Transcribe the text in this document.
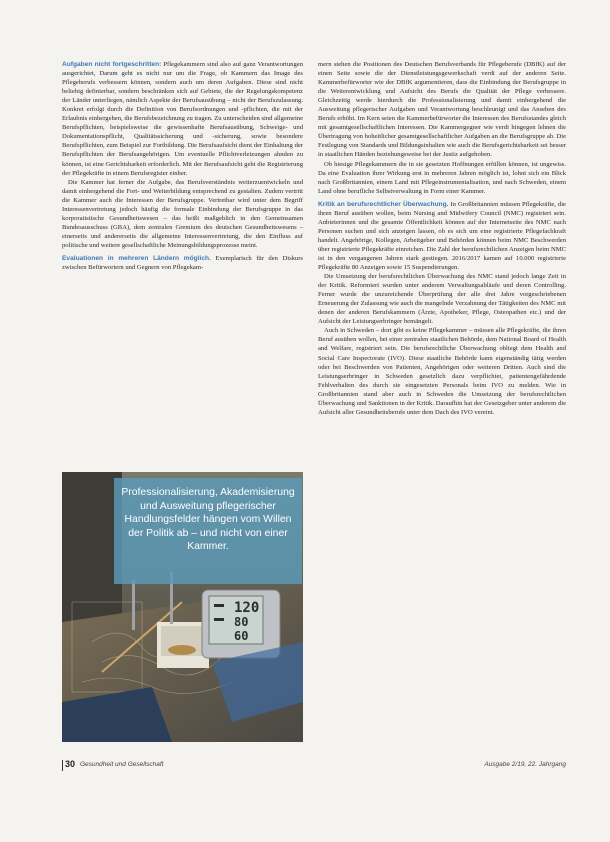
Aufgaben nicht fortgeschritten: Pflegekammern sind also auf ganz Verantwortungen ausgerichtet, Darum geht es nicht nur um die Frage, ob Kammern das Image des Pflegeberufs verbessern können, sondern auch um deren Aufgaben. Diese sind nicht beliebig definierbar, sondern beschränken sich auf Gebiete, die der Regelungskompetenz der Länder unterliegen, nämlich Aspekte der Berufsausübung – nicht der Berufszulassung. Konkret erfolgt durch die Definition von Berufsordnungen und -pflichten, die mit der Erlaubnis einhergehen, die Berufsbezeichnung zu tragen. Zu unterscheiden sind allgemeine Berufspflichten, beispielsweise die gewissenhafte Berufsausübung, Schweige- und Dokumentationspflicht, Qualitätssicherung und -sicherung, sowie besondere Berufspflichten, zum Beispiel zur Fortbildung. Die Berufsaufsicht dient der Einhaltung der Berufspflichten der Berufsangehörigen. Um eventuelle Pflichtverletzungen ahnden zu können, ist eine Gerichtsbarkeit erforderlich. Mit der Berufsaufsicht geht die Registrierung der Pflegekräfte in einem Berufsregister einher.

Die Kammer hat ferner die Aufgabe, das Berufsverständnis weiterzuentwickeln und damit einhergehend die Fort- und Weiterbildung entsprechend zu gestalten. Zudem vertritt die Kammer auch die Interessen der Berufsgruppe. Vertretbar wird unter dem Begriff Interessenvertretung jedoch häufig die formale Einbindung der Berufsgruppe in das korporatistische Gesundheitswesen – das heißt maßgeblich in den Gemeinsamen Bundesausschuss (GBA), dem zentralen Gremium des deutschen Gesundheitswesens – einerseits und andererseits die allgemeine Interessenvertretung, die den Einfluss auf politische und weitere gesellschaftliche Meinungsbildungsprozesse meint.

Evaluationen in mehreren Ländern möglich. Exemplarisch für den Diskurs zwischen Befürwortern und Gegnern von Pflegekam-

120
80
60
Professionalisierung, Akademisierung und Ausweitung pflegerischer Handlungsfelder hängen vom Willen der Politik ab – und nicht von einer Kammer.

mern stehen die Positionen des Deutschen Berufsverbands für Pflegeberufe (DBfK) auf der einen Seite sowie die der Dienstleistungsgewerkschaft verdi auf der anderen Seite. Kammerbefürworter wie der DBfK argumentieren, dass die Einbindung der Berufsgruppe in die Weiterentwicklung und Aufsicht des Berufs die Qualität der Pflege verbessere. Gleichzeitig werde hierdurch die Professionalisierung und damit einhergehend die Ausweitung pflegerischer Aufgaben und Verantwortung beschleunigt und das Ansehen des Berufs erhöht. Im Kern seien die Kammerbefürworter die Interessen des Berufsstandes gleich mit gesamtgesellschaftlichen Interessen. Die Kammergegner wie verdi hingegen lehnen die Übertragung von hoheitlicher gesamtgesellschaftlicher Aufgaben an die Berufsgruppe ab. Die Festlegung von Standards und Bildungsinhalten wie auch die Berufsgerichtsbarkeit sei besser in staatlichen Händen beziehungsweise bei der Justiz aufgehoben.

Ob hiesige Pflegekammern die in sie gesetzten Hoffnungen erfüllen können, ist ungewiss. Da eine Evaluation ihrer Wirkung erst in mehreren Jahren möglich ist, lohnt sich ein Blick nach Großbritannien, einem Land mit Pflegeinstrumentalisation, und nach Schweden, einem Land ohne berufliche Selbstverwaltung in Form einer Kammer.

Kritik an berufsrechtlicher Überwachung. In Großbritannien müssen Pflegekräfte, die ihren Beruf ausüben wollen, beim Nursing and Midwifery Council (NMC) registriert sein. Anbieterinnen und die gesamte Öffentlichkeit können auf der Internetseite des NMC nach Personen suchen und sich anzeigen lassen, ob es sich um eine registrierte Pflegefachkraft handelt. Angehörige, Kollegen, Arbeitgeber und Behörden können beim NMC Beschwerden über registrierte Pflegekräfte einreichen. Die Zahl der berufsrechtlichen Anzeigen beim NMC ist in den vergangenen Jahren stark gestiegen. 2016/2017 kamen auf 10.000 registrierte Pflegekräfte 80 Anzeigen sowie 15 Suspendierungen.

Die Umsetzung der berufsrechtlichen Überwachung des NMC stand jedoch lange Zeit in der Kritik. Reformiert wurden unter anderem Verwaltungsabläufe und deren Controlling. Ferner wurde die unzureichende Überprüfung der alle drei Jahre vorgeschriebenen Erneuerung der Zulassung wie auch die mangelnde Verzahnung der Tätigkeiten des NMC mit denen der anderen Berufskammern (Ärzte, Apotheker, Pflege, Osteopathen etc.) und der Aufsicht der Leistungserbringer bemängelt.

Auch in Schweden – dort gibt es keine Pflegekammer – müssen alle Pflegekräfte, die ihren Beruf ausüben wollen, bei einer zentralen staatlichen Behörde, dem National Board of Health and Welfare, registriert sein. Die berufsrechtliche Überwachung obliegt dem Health and Social Care Inspectorate (IVO). Diese staatliche Behörde kann eigenständig tätig werden oder bei Beschwerden von Patienten, Angehörigen oder weiteren Dritten. Auch sind die Leistungserbringer in Schweden gesetzlich dazu verpflichtet, patientengefährdende Fehlverhalten des durch sie eingesetzten Personals beim IVO zu melden. Wie in Großbritannien stand aber auch in Schweden die Umsetzung der berufsrechtlichen Überwachung und Sanktionen in der Kritik. Daraufhin hat der Gesetzgeber unter anderem die Aufsicht aller Gesundheitsberufe unter dem Dach des IVO vereint.

30 Gesundheit und Gesellschaft	Ausgabe 2/19, 22. Jahrgang
